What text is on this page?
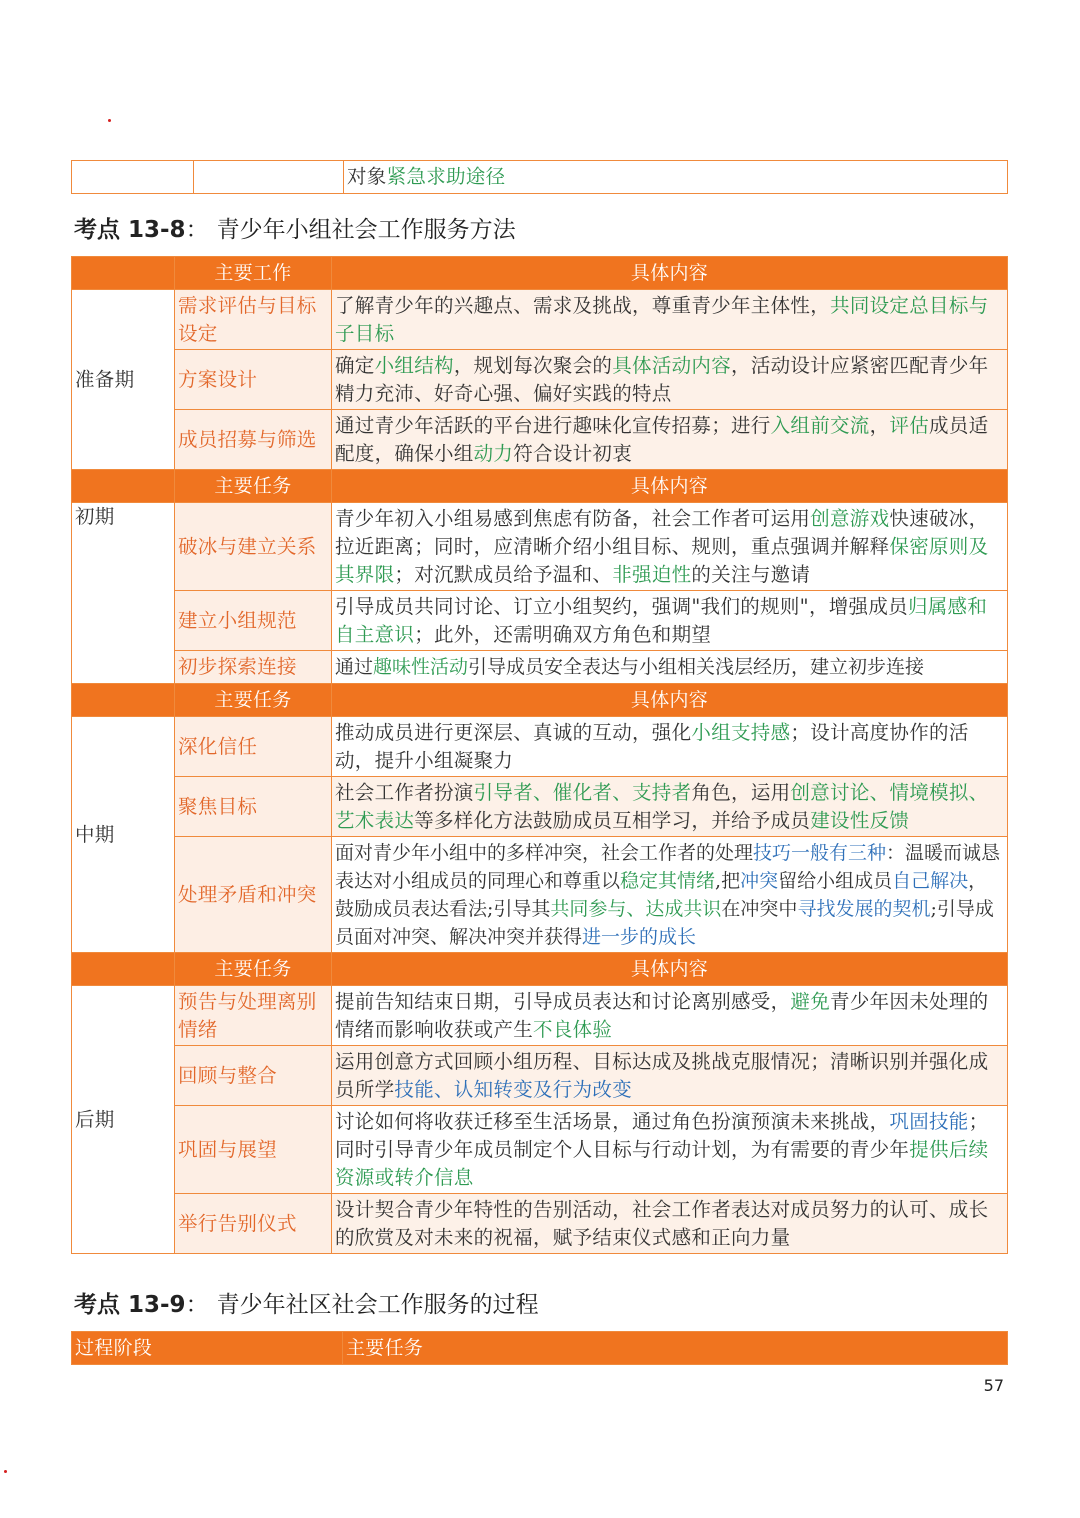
		对象紧急求助途径
考点 13-8： 青少年小组社会工作服务方法
	主要工作	具体内容
准备期	需求评估与目标设定	了解青少年的兴趣点、需求及挑战，尊重青少年主体性，共同设定总目标与子目标
	方案设计	确定小组结构，规划每次聚会的具体活动内容，活动设计应紧密匹配青少年精力充沛、好奇心强、偏好实践的特点
	成员招募与筛选	通过青少年活跃的平台进行趣味化宣传招募；进行入组前交流，评估成员适配度，确保小组动力符合设计初衷
	主要任务	具体内容
初期	破冰与建立关系	青少年初入小组易感到焦虑有防备，社会工作者可运用创意游戏快速破冰，拉近距离；同时，应清晰介绍小组目标、规则，重点强调并解释保密原则及其界限；对沉默成员给予温和、非强迫性的关注与邀请
	建立小组规范	引导成员共同讨论、订立小组契约，强调"我们的规则"，增强成员归属感和自主意识；此外，还需明确双方角色和期望
	初步探索连接	通过趣味性活动引导成员安全表达与小组相关浅层经历，建立初步连接
	主要任务	具体内容
中期	深化信任	推动成员进行更深层、真诚的互动，强化小组支持感；设计高度协作的活动，提升小组凝聚力
	聚焦目标	社会工作者扮演引导者、催化者、支持者角色，运用创意讨论、情境模拟、艺术表达等多样化方法鼓励成员互相学习，并给予成员建设性反馈
	处理矛盾和冲突	面对青少年小组中的多样冲突，社会工作者的处理技巧一般有三种：温暖而诚恳表达对小组成员的同理心和尊重以稳定其情绪,把冲突留给小组成员自己解决，鼓励成员表达看法;引导其共同参与、达成共识在冲突中寻找发展的契机;引导成员面对冲突、解决冲突并获得进一步的成长
	主要任务	具体内容
后期	预告与处理离别情绪	提前告知结束日期，引导成员表达和讨论离别感受，避免青少年因未处理的情绪而影响收获或产生不良体验
	回顾与整合	运用创意方式回顾小组历程、目标达成及挑战克服情况；清晰识别并强化成员所学技能、认知转变及行为改变
	巩固与展望	讨论如何将收获迁移至生活场景，通过角色扮演预演未来挑战，巩固技能；同时引导青少年成员制定个人目标与行动计划，为有需要的青少年提供后续资源或转介信息
	举行告别仪式	设计契合青少年特性的告别活动，社会工作者表达对成员努力的认可、成长的欣赏及对未来的祝福，赋予结束仪式感和正向力量
考点 13-9： 青少年社区社会工作服务的过程
过程阶段	主要任务
57
